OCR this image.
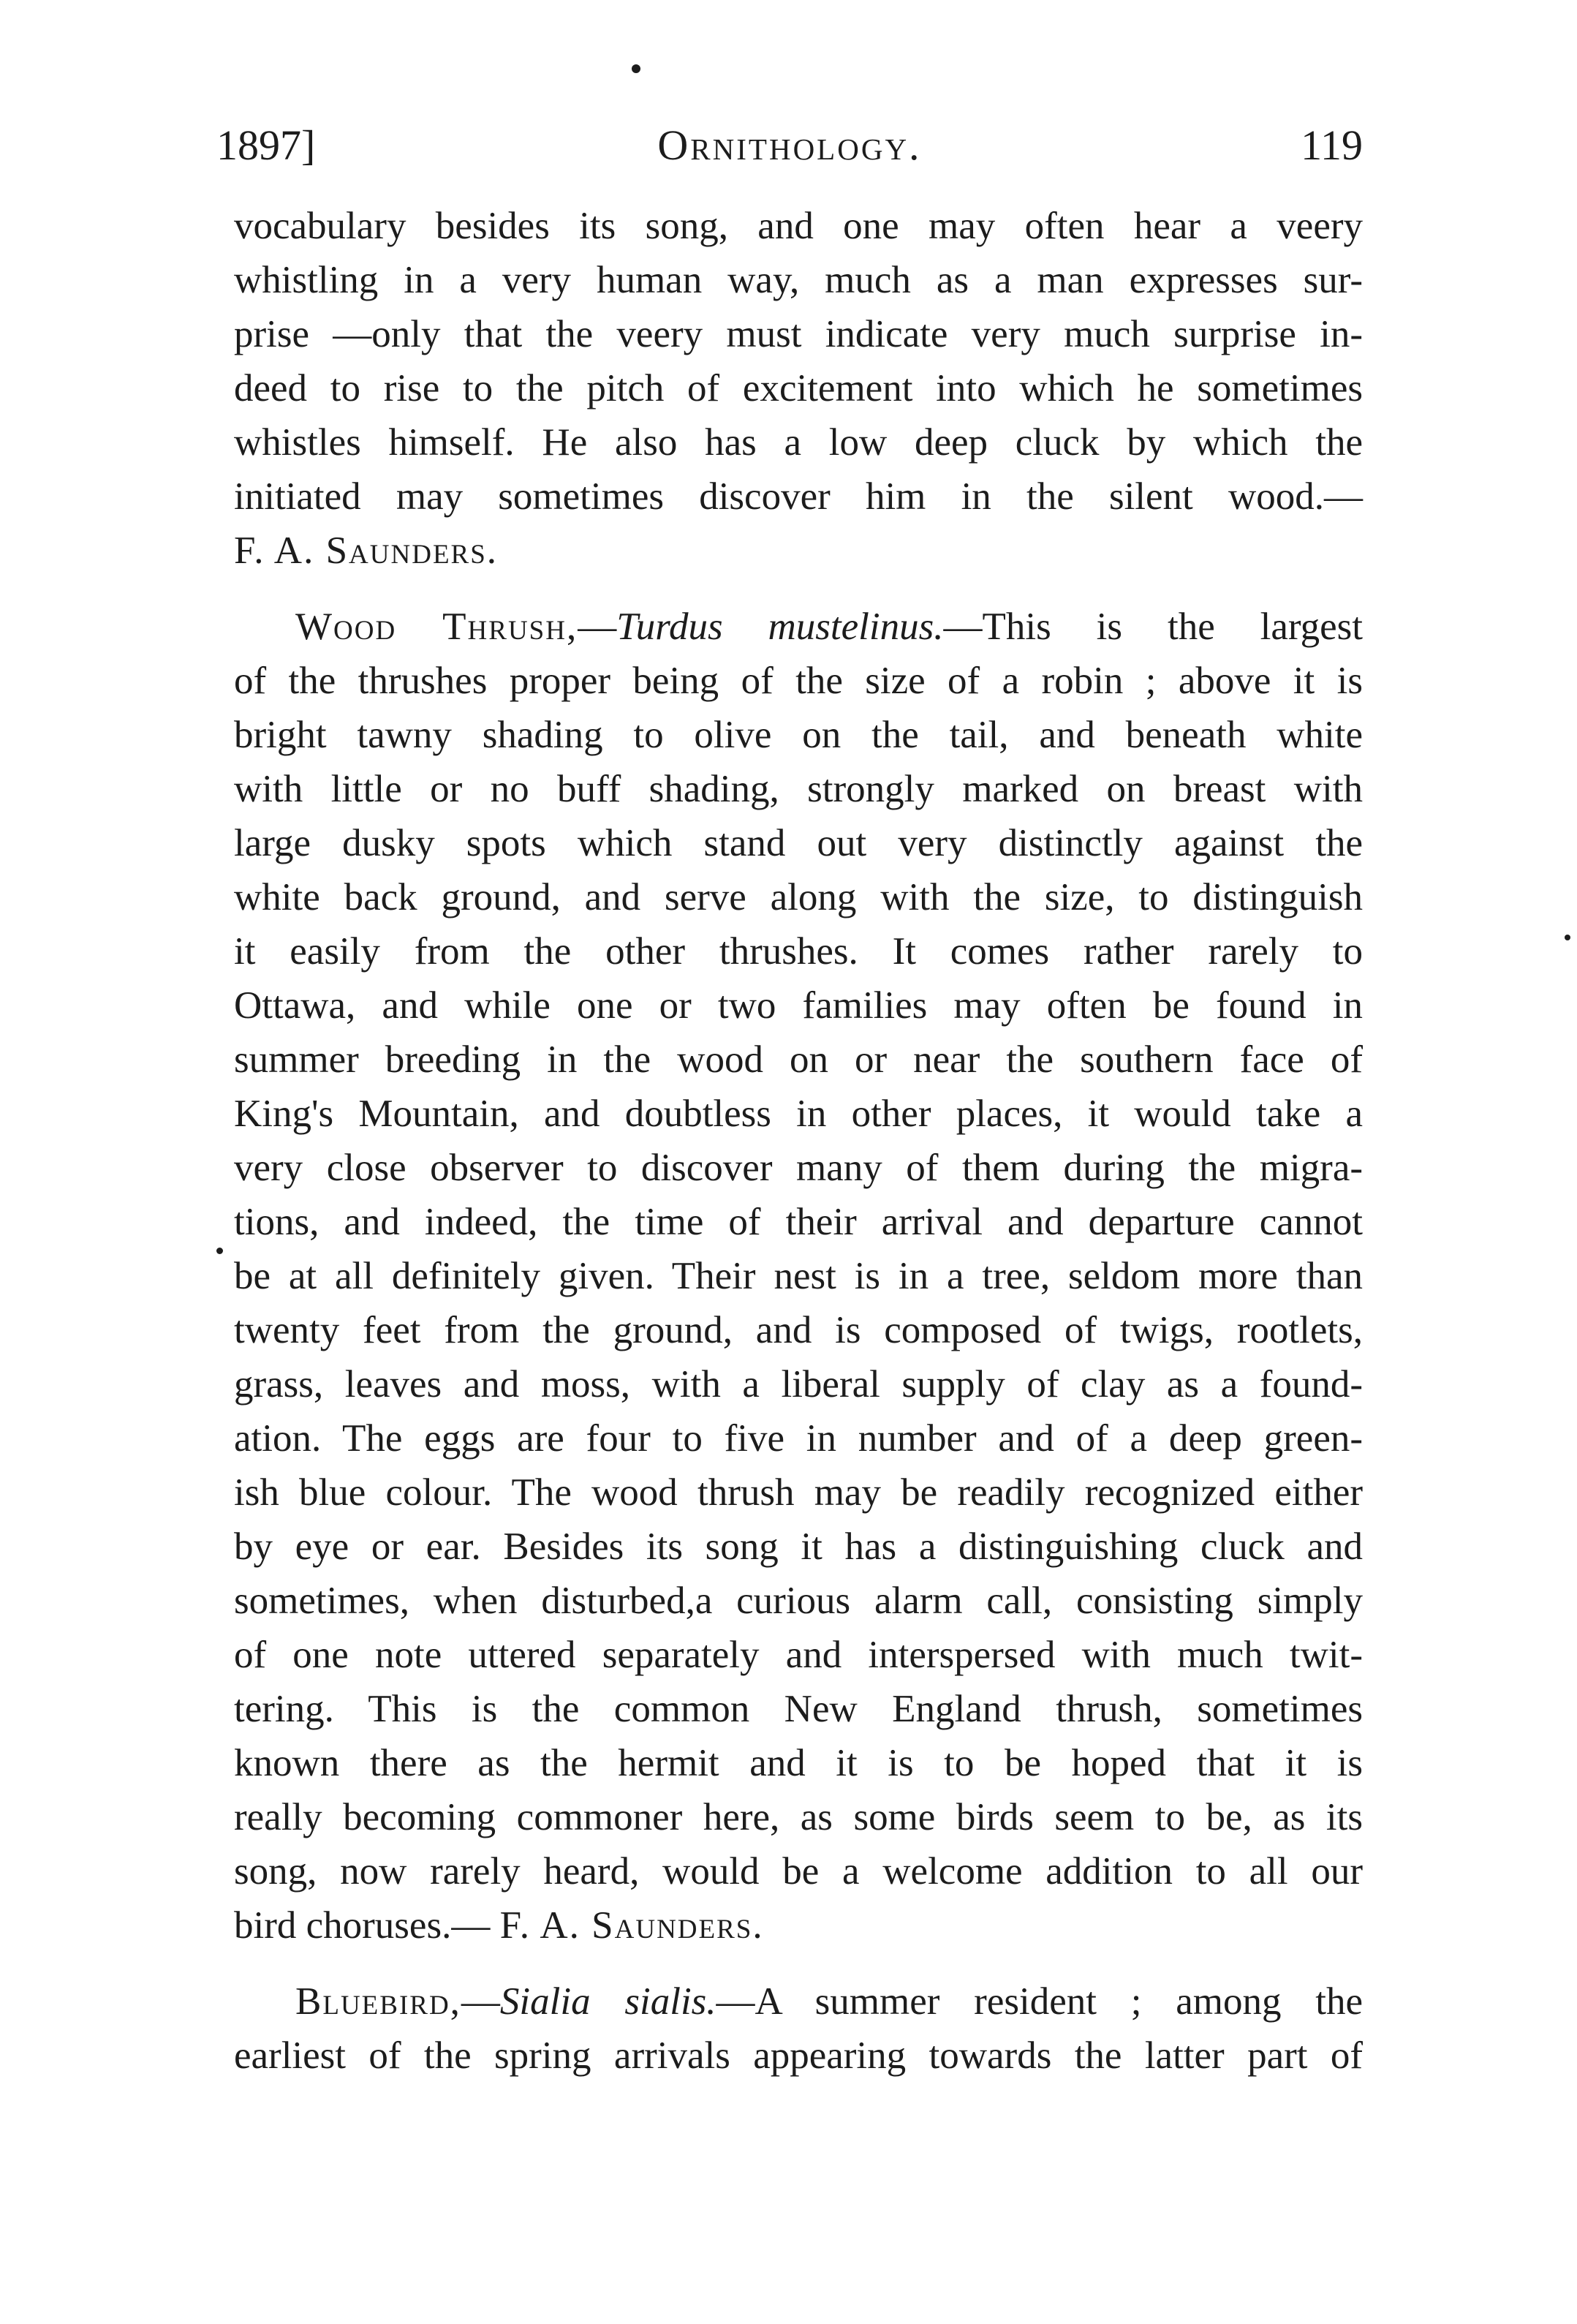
1897]	Ornithology.	119
vocabulary besides its song, and one may often hear a veery
whistling in a very human way, much as a man expresses sur-
prise —only that the veery must indicate very much surprise in-
deed to rise to the pitch of excitement into which he sometimes
whistles himself. He also has a low deep cluck by which the
initiated may sometimes discover him in the silent wood.—
F. A. Saunders.
Wood Thrush,—Turdus mustelinus.—This is the largest
of the thrushes proper being of the size of a robin ; above it is
bright tawny shading to olive on the tail, and beneath white
with little or no buff shading, strongly marked on breast with
large dusky spots which stand out very distinctly against the
white back ground, and serve along with the size, to distinguish
it easily from the other thrushes. It comes rather rarely to
Ottawa, and while one or two families may often be found in
summer breeding in the wood on or near the southern face of
King's Mountain, and doubtless in other places, it would take a
very close observer to discover many of them during the migra-
tions, and indeed, the time of their arrival and departure cannot
be at all definitely given. Their nest is in a tree, seldom more than
twenty feet from the ground, and is composed of twigs, rootlets,
grass, leaves and moss, with a liberal supply of clay as a found-
ation. The eggs are four to five in number and of a deep green-
ish blue colour. The wood thrush may be readily recognized either
by eye or ear. Besides its song it has a distinguishing cluck and
sometimes, when disturbed,a curious alarm call, consisting simply
of one note uttered separately and interspersed with much twit-
tering. This is the common New England thrush, sometimes
known there as the hermit and it is to be hoped that it is
really becoming commoner here, as some birds seem to be, as its
song, now rarely heard, would be a welcome addition to all our
bird choruses.— F. A. Saunders.
Bluebird,—Sialia sialis.—A summer resident ; among the
earliest of the spring arrivals appearing towards the latter part of
